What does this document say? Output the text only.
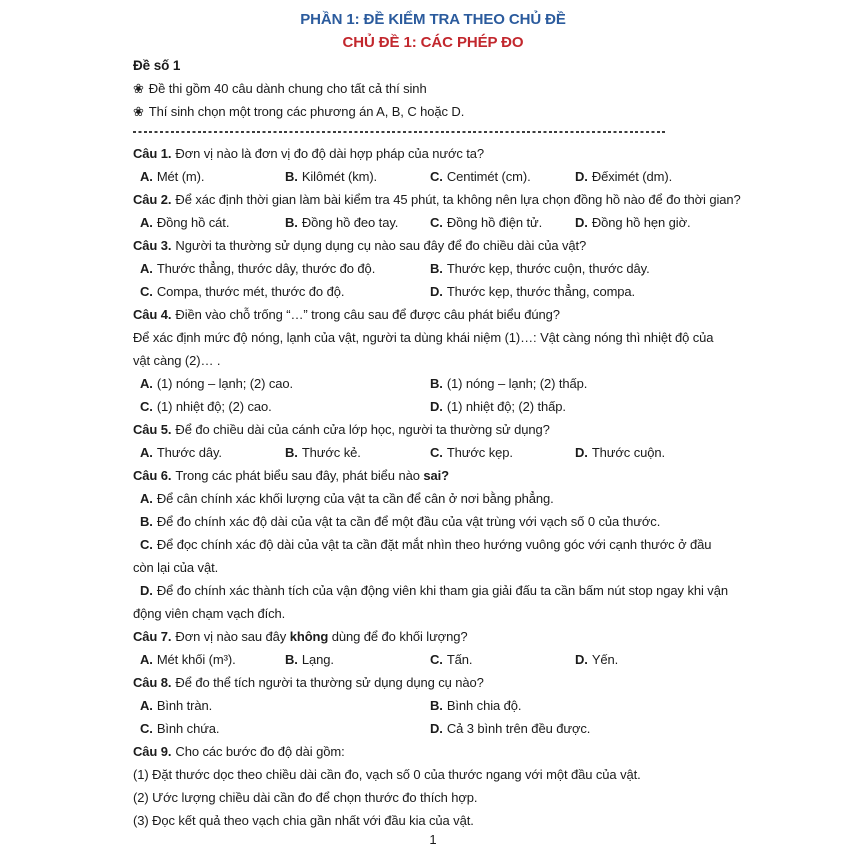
PHẦN 1: ĐỀ KIỂM TRA THEO CHỦ ĐỀ
CHỦ ĐỀ 1: CÁC PHÉP ĐO
Đề số 1
❀ Đề thi gồm 40 câu dành chung cho tất cả thí sinh
❀ Thí sinh chọn một trong các phương án A, B, C hoặc D.

Câu 1. Đơn vị nào là đơn vị đo độ dài hợp pháp của nước ta?

A. Mét (m).	B. Kilômét (km).	C. Centimét (cm).	D. Đếximét (dm).

Câu 2. Để xác định thời gian làm bài kiểm tra 45 phút, ta không nên lựa chọn đồng hồ nào để đo thời gian?

A. Đồng hồ cát.	B. Đồng hồ đeo tay.	C. Đồng hồ điện tử.	D. Đồng hồ hẹn giờ.

Câu 3. Người ta thường sử dụng dụng cụ nào sau đây để đo chiều dài của vật?

A. Thước thẳng, thước dây, thước đo độ.	B. Thước kẹp, thước cuộn, thước dây.
C. Compa, thước mét, thước đo độ.	D. Thước kẹp, thước thẳng, compa.

Câu 4. Điền vào chỗ trống “…” trong câu sau để được câu phát biểu đúng?

Để xác định mức độ nóng, lạnh của vật, người ta dùng khái niệm (1)…: Vật càng nóng thì nhiệt độ của vật càng (2)… .

A. (1) nóng – lạnh; (2) cao.	B. (1) nóng – lạnh; (2) thấp.
C. (1) nhiệt độ; (2) cao.	D. (1) nhiệt độ; (2) thấp.

Câu 5. Để đo chiều dài của cánh cửa lớp học, người ta thường sử dụng?

A. Thước dây.	B. Thước kẻ.	C. Thước kẹp.	D. Thước cuộn.

Câu 6. Trong các phát biểu sau đây, phát biểu nào sai?

A. Để cân chính xác khối lượng của vật ta cần để cân ở nơi bằng phẳng.

B. Để đo chính xác độ dài của vật ta cần để một đầu của vật trùng với vạch số 0 của thước.

C. Để đọc chính xác độ dài của vật ta cần đặt mắt nhìn theo hướng vuông góc với cạnh thước ở đầu còn lại của vật.

D. Để đo chính xác thành tích của vận động viên khi tham gia giải đấu ta cần bấm nút stop ngay khi vận động viên chạm vạch đích.

Câu 7. Đơn vị nào sau đây không dùng để đo khối lượng?

A. Mét khối (m³).	B. Lạng.	C. Tấn.	D. Yến.

Câu 8. Để đo thể tích người ta thường sử dụng dụng cụ nào?

A. Bình tràn.	B. Bình chia độ.
C. Bình chứa.	D. Cả 3 bình trên đều được.

Câu 9. Cho các bước đo độ dài gồm:

(1) Đặt thước dọc theo chiều dài cần đo, vạch số 0 của thước ngang với một đầu của vật.

(2) Ước lượng chiều dài cần đo để chọn thước đo thích hợp.

(3) Đọc kết quả theo vạch chia gần nhất với đầu kia của vật.

1
